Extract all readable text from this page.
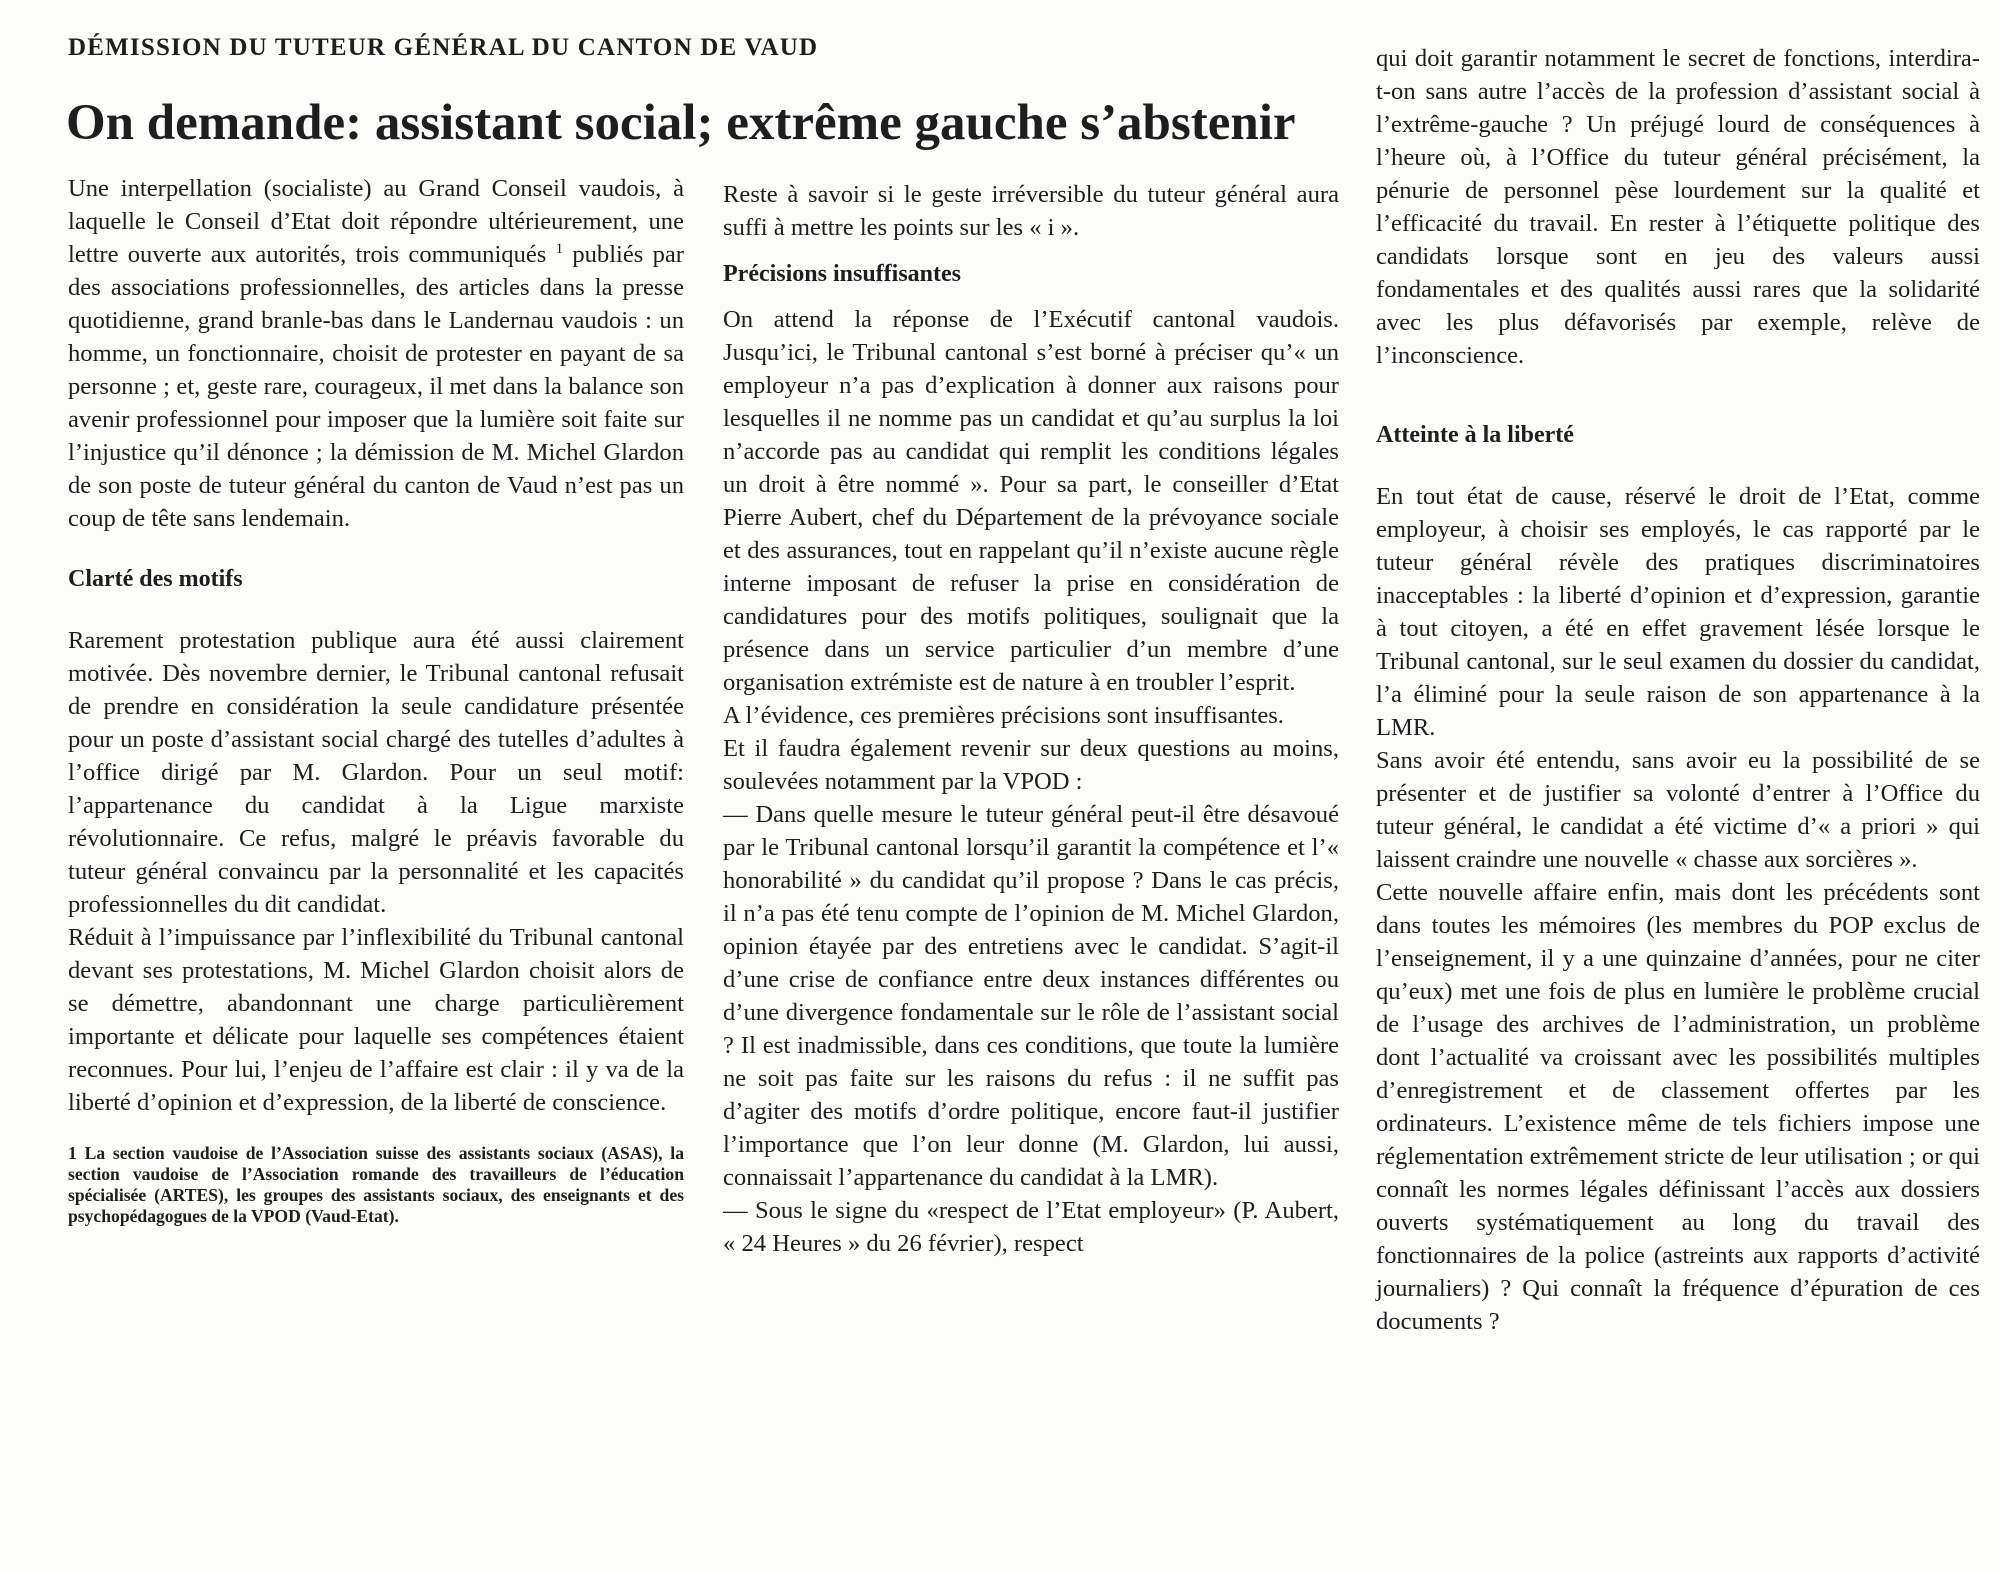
DÉMISSION DU TUTEUR GÉNÉRAL DU CANTON DE VAUD
On demande: assistant social; extrême gauche s’abstenir

Une interpellation (socialiste) au Grand Conseil vaudois, à laquelle le Conseil d’Etat doit répondre ultérieurement, une lettre ouverte aux autorités, trois communiqués $^1$ publiés par des associations professionnelles, des articles dans la presse quotidienne, grand branle-bas dans le Landernau vaudois : un homme, un fonctionnaire, choisit de protester en payant de sa personne ; et, geste rare, courageux, il met dans la balance son avenir professionnel pour imposer que la lumière soit faite sur l’injustice qu’il dénonce ; la démission de M. Michel Glardon de son poste de tuteur général du canton de Vaud n’est pas un coup de tête sans lendemain.

Clarté des motifs

Rarement protestation publique aura été aussi clairement motivée. Dès novembre dernier, le Tribunal cantonal refusait de prendre en considération la seule candidature présentée pour un poste d’assistant social chargé des tutelles d’adultes à l’office dirigé par M. Glardon. Pour un seul motif: l’appartenance du candidat à la Ligue marxiste révolutionnaire. Ce refus, malgré le préavis favorable du tuteur général convaincu par la personnalité et les capacités professionnelles du dit candidat.

Réduit à l’impuissance par l’inflexibilité du Tribunal cantonal devant ses protestations, M. Michel Glardon choisit alors de se démettre, abandonnant une charge particulièrement importante et délicate pour laquelle ses compétences étaient reconnues. Pour lui, l’enjeu de l’affaire est clair : il y va de la liberté d’opinion et d’expression, de la liberté de conscience.

1 La section vaudoise de l’Association suisse des assistants sociaux (ASAS), la section vaudoise de l’Association romande des travailleurs de l’éducation spécialisée (ARTES), les groupes des assistants sociaux, des enseignants et des psychopédagogues de la VPOD (Vaud-Etat).

Reste à savoir si le geste irréversible du tuteur général aura suffi à mettre les points sur les « i ».

Précisions insuffisantes

On attend la réponse de l’Exécutif cantonal vaudois. Jusqu’ici, le Tribunal cantonal s’est borné à préciser qu’« un employeur n’a pas d’explication à donner aux raisons pour lesquelles il ne nomme pas un candidat et qu’au surplus la loi n’accorde pas au candidat qui remplit les conditions légales un droit à être nommé ». Pour sa part, le conseiller d’Etat Pierre Aubert, chef du Département de la prévoyance sociale et des assurances, tout en rappelant qu’il n’existe aucune règle interne imposant de refuser la prise en considération de candidatures pour des motifs politiques, soulignait que la présence dans un service particulier d’un membre d’une organisation extrémiste est de nature à en troubler l’esprit.

A l’évidence, ces premières précisions sont insuffisantes.

Et il faudra également revenir sur deux questions au moins, soulevées notamment par la VPOD :

— Dans quelle mesure le tuteur général peut-il être désavoué par le Tribunal cantonal lorsqu’il garantit la compétence et l’« honorabilité » du candidat qu’il propose ? Dans le cas précis, il n’a pas été tenu compte de l’opinion de M. Michel Glardon, opinion étayée par des entretiens avec le candidat. S’agit-il d’une crise de confiance entre deux instances différentes ou d’une divergence fondamentale sur le rôle de l’assistant social ? Il est inadmissible, dans ces conditions, que toute la lumière ne soit pas faite sur les raisons du refus : il ne suffit pas d’agiter des motifs d’ordre politique, encore faut-il justifier l’importance que l’on leur donne (M. Glardon, lui aussi, connaissait l’appartenance du candidat à la LMR).

— Sous le signe du «respect de l’Etat employeur» (P. Aubert, « 24 Heures » du 26 février), respect

qui doit garantir notamment le secret de fonctions, interdira-t-on sans autre l’accès de la profession d’assistant social à l’extrême-gauche ? Un préjugé lourd de conséquences à l’heure où, à l’Office du tuteur général précisément, la pénurie de personnel pèse lourdement sur la qualité et l’efficacité du travail. En rester à l’étiquette politique des candidats lorsque sont en jeu des valeurs aussi fondamentales et des qualités aussi rares que la solidarité avec les plus défavorisés par exemple, relève de l’inconscience.

Atteinte à la liberté

En tout état de cause, réservé le droit de l’Etat, comme employeur, à choisir ses employés, le cas rapporté par le tuteur général révèle des pratiques discriminatoires inacceptables : la liberté d’opinion et d’expression, garantie à tout citoyen, a été en effet gravement lésée lorsque le Tribunal cantonal, sur le seul examen du dossier du candidat, l’a éliminé pour la seule raison de son appartenance à la LMR.

Sans avoir été entendu, sans avoir eu la possibilité de se présenter et de justifier sa volonté d’entrer à l’Office du tuteur général, le candidat a été victime d’« a priori » qui laissent craindre une nouvelle « chasse aux sorcières ».

Cette nouvelle affaire enfin, mais dont les précédents sont dans toutes les mémoires (les membres du POP exclus de l’enseignement, il y a une quinzaine d’années, pour ne citer qu’eux) met une fois de plus en lumière le problème crucial de l’usage des archives de l’administration, un problème dont l’actualité va croissant avec les possibilités multiples d’enregistrement et de classement offertes par les ordinateurs. L’existence même de tels fichiers impose une réglementation extrêmement stricte de leur utilisation ; or qui connaît les normes légales définissant l’accès aux dossiers ouverts systématiquement au long du travail des fonctionnaires de la police (astreints aux rapports d’activité journaliers) ? Qui connaît la fréquence d’épuration de ces documents ?
